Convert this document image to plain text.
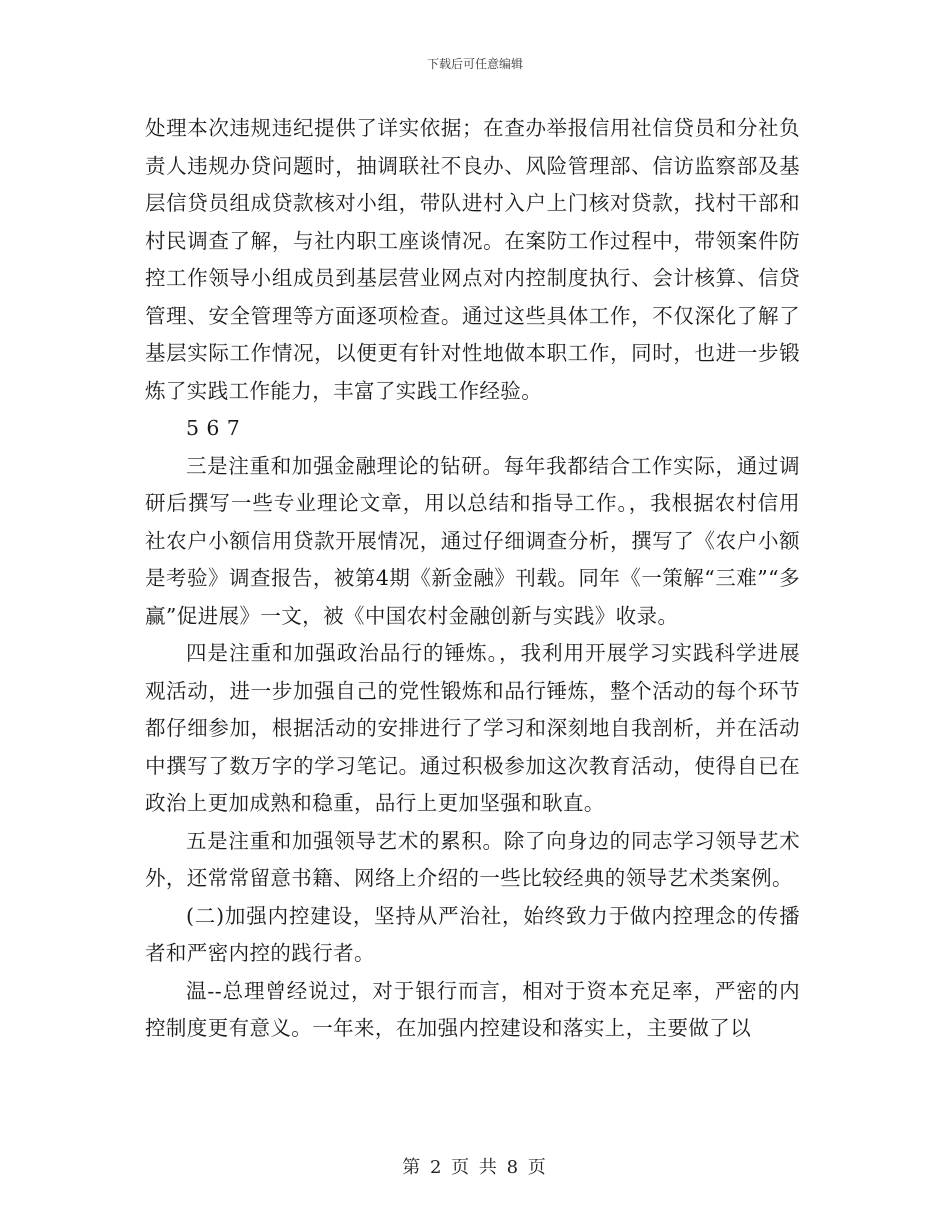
下载后可任意编辑

处理本次违规违纪提供了详实依据；在查办举报信用社信贷员和分社负责人违规办贷问题时，抽调联社不良办、风险管理部、信访监察部及基层信贷员组成贷款核对小组，带队进村入户上门核对贷款，找村干部和村民调查了解，与社内职工座谈情况。在案防工作过程中，带领案件防控工作领导小组成员到基层营业网点对内控制度执行、会计核算、信贷管理、安全管理等方面逐项检查。通过这些具体工作，不仅深化了解了基层实际工作情况，以便更有针对性地做本职工作，同时，也进一步锻炼了实践工作能力，丰富了实践工作经验。

5 6 7

三是注重和加强金融理论的钻研。每年我都结合工作实际，通过调研后撰写一些专业理论文章，用以总结和指导工作。，我根据农村信用社农户小额信用贷款开展情况，通过仔细调查分析，撰写了《农户小额是考验》调查报告，被第4期《新金融》刊载。同年《一策解“三难”“多赢”促进展》一文，被《中国农村金融创新与实践》收录。

四是注重和加强政治品行的锤炼。，我利用开展学习实践科学进展观活动，进一步加强自己的党性锻炼和品行锤炼，整个活动的每个环节都仔细参加，根据活动的安排进行了学习和深刻地自我剖析，并在活动中撰写了数万字的学习笔记。通过积极参加这次教育活动，使得自已在政治上更加成熟和稳重，品行上更加坚强和耿直。

五是注重和加强领导艺术的累积。除了向身边的同志学习领导艺术外，还常常留意书籍、网络上介绍的一些比较经典的领导艺术类案例。

(二)加强内控建设，坚持从严治社，始终致力于做内控理念的传播者和严密内控的践行者。

温--总理曾经说过，对于银行而言，相对于资本充足率，严密的内控制度更有意义。一年来，在加强内控建设和落实上，主要做了以

第 2 页 共 8 页
